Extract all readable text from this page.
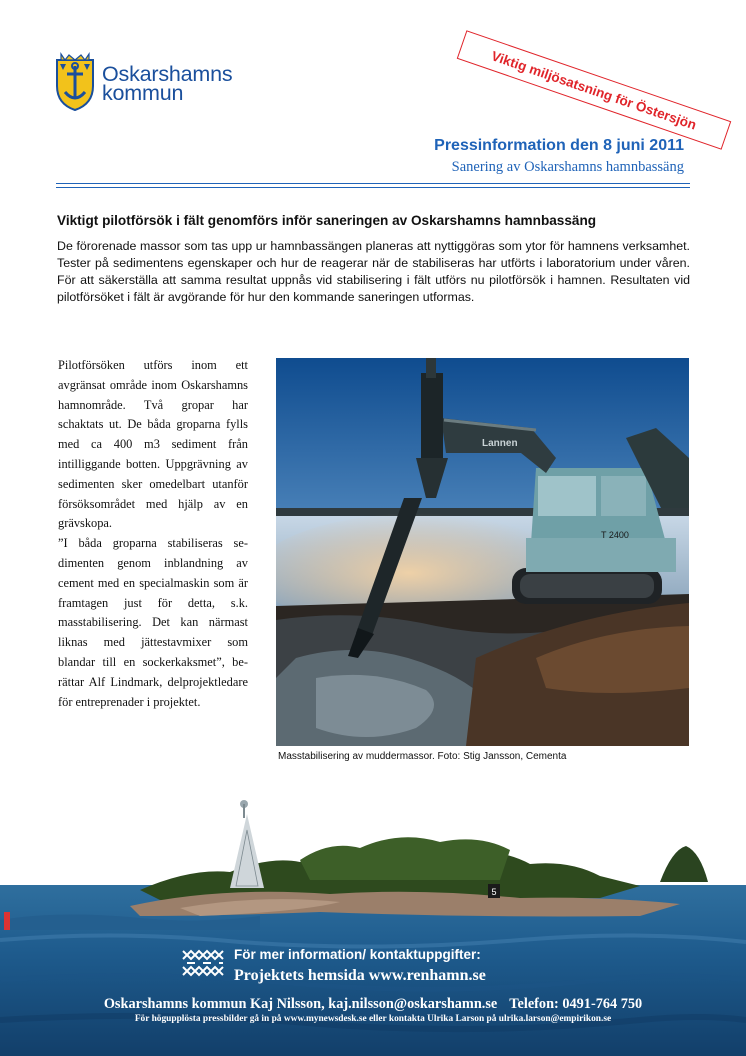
Oskarshamns
kommun	Viktig miljösatsning för Östersjön
Pressinformation den 8 juni 2011
Sanering av Oskarshamns hamnbassäng
Viktigt pilotförsök i fält genomförs inför saneringen av Oskarshamns hamnbassäng
De förorenade massor som tas upp ur hamnbassängen planeras att nyttiggöras som ytor för hamnens verksamhet. Tester på sedimentens egenskaper och hur de reagerar när de stabiliseras har utförts i laboratorium under våren. För att säkerställa att samma resultat uppnås vid stabilisering i fält utförs nu pilotförsök i hamnen. Resultaten vid pilotförsöket i fält är avgörande för hur den kommande saneringen utformas.

Pilotförsöken utförs inom ett avgränsat område inom Oskarshamns hamnområde. Två gropar har schaktats ut. De båda groparna fylls med ca 400 m3 sediment från intilliggande botten. Uppgrävning av sedimenten sker omedelbart utanför försöksområdet med hjälp av en grävskopa.

”I båda groparna stabiliseras sedimenten genom inblandning av cement med en specialmaskin som är framtagen just för detta, s.k. masstabilisering. Det kan närmast liknas med jättestavmixer som blandar till en sockerkaksmet”, berättar Alf Lindmark, delprojektledare för entreprenader i projektet.

T 2400
Lannen
Masstabilisering av muddermassor. Foto: Stig Jansson, Cementa
5
För mer information/ kontaktuppgifter:
Projektets hemsida www.renhamn.se
Oskarshamns kommun Kaj Nilsson, kaj.nilsson@oskarshamn.se Telefon: 0491-764 750
För högupplösta pressbilder gå in på www.mynewsdesk.se eller kontakta Ulrika Larson på ulrika.larson@empirikon.se
